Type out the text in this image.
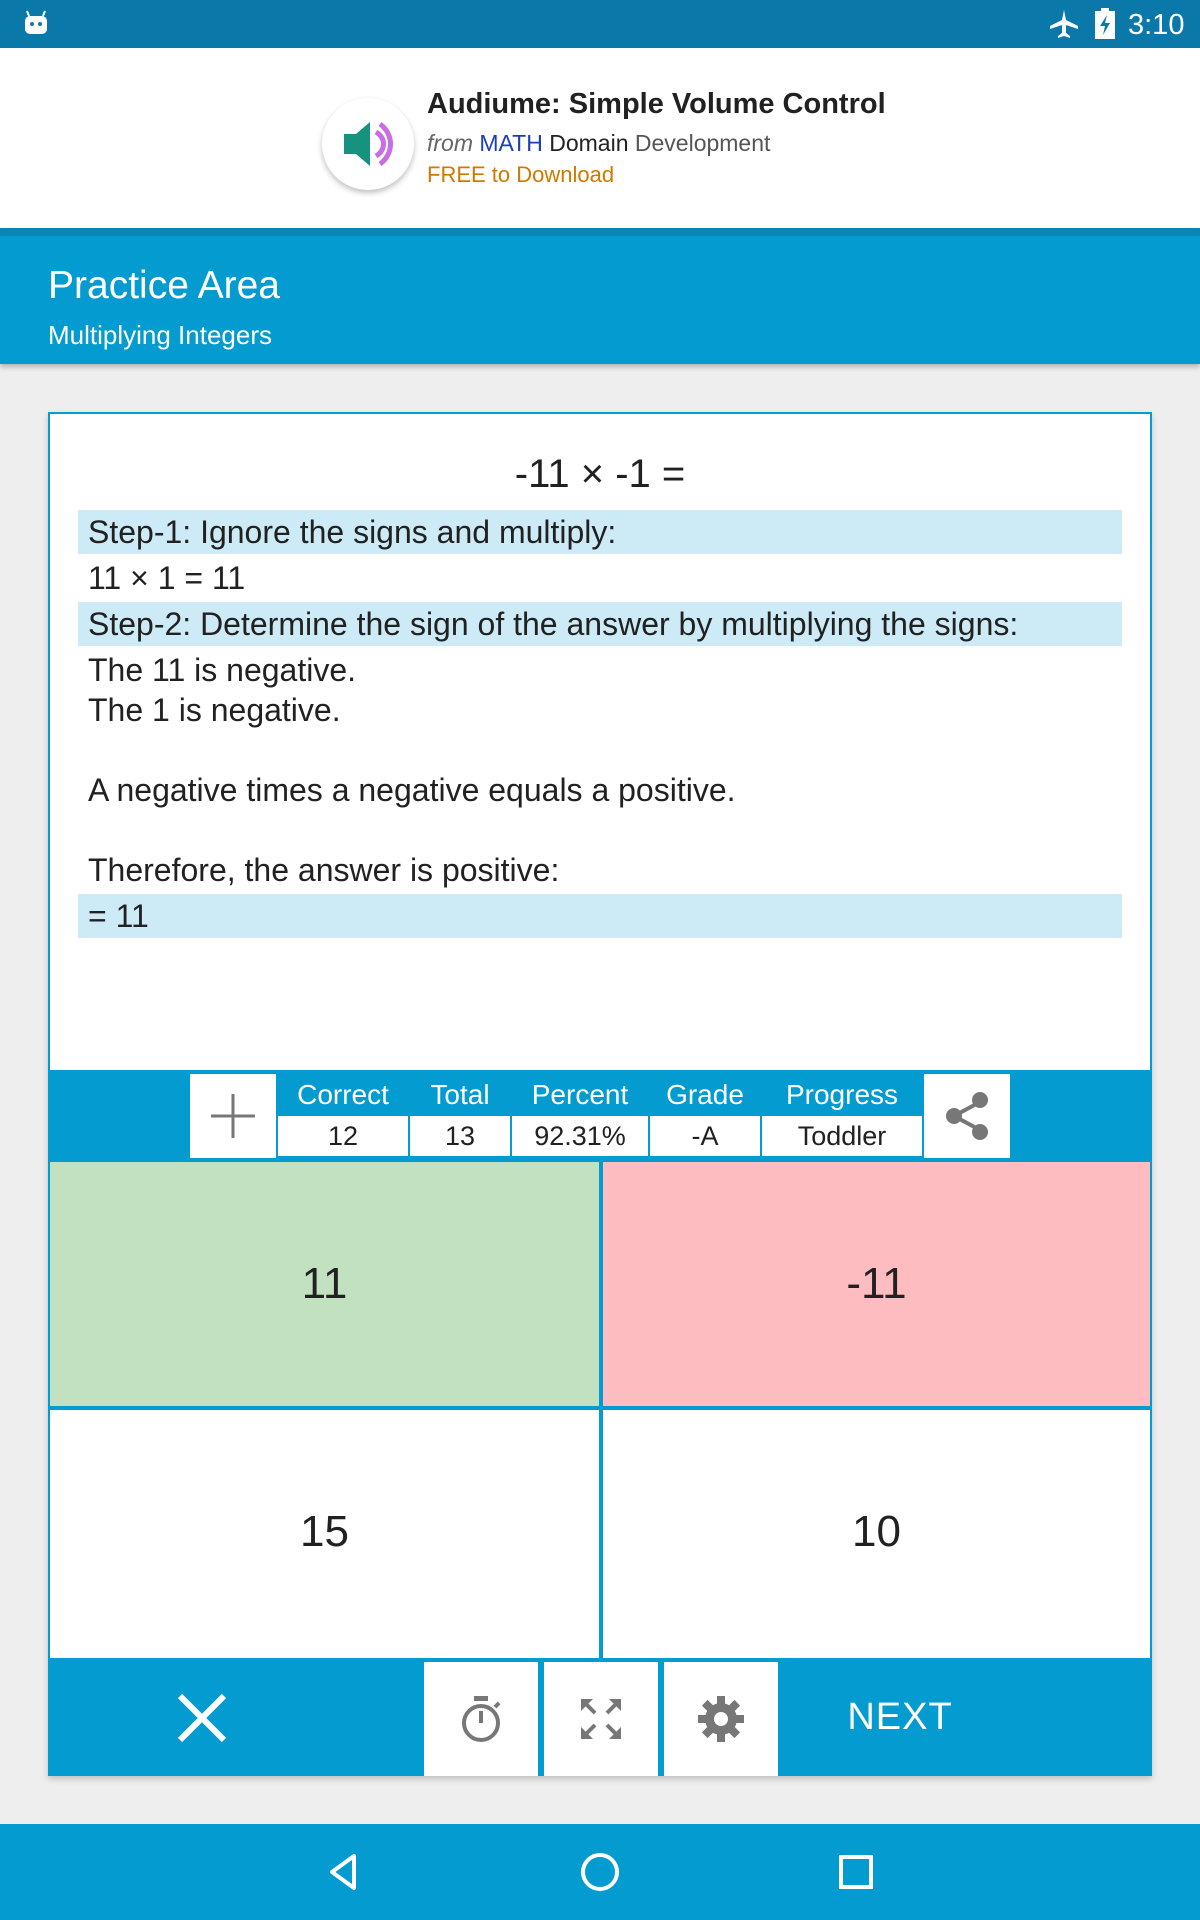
3:10
Audiume: Simple Volume Control
from MATH Domain Development
FREE to Download
Practice Area
Multiplying Integers
-11 × -1 =
Step-1: Ignore the signs and multiply:
11 × 1 = 11
Step-2: Determine the sign of the answer by multiplying the signs:
The 11 is negative.
The 1 is negative.
A negative times a negative equals a positive.
Therefore, the answer is positive:
= 11
Correct
12
Total
13
Percent
92.31%
Grade
-A
Progress
Toddler
11	-11
15	10
NEXT
